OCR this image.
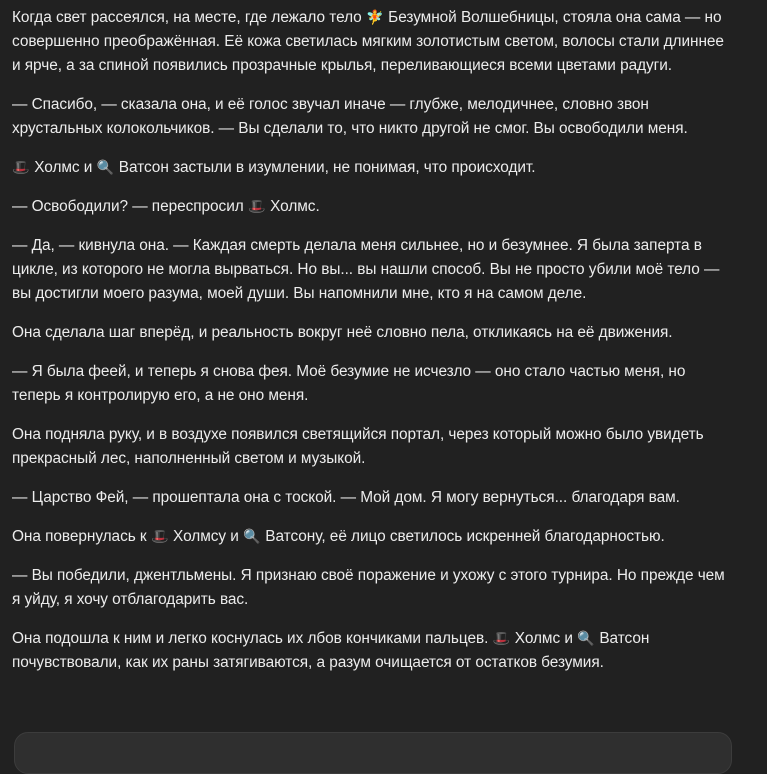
Когда свет рассеялся, на месте, где лежало тело 🧚 Безумной Волшебницы, стояла она сама — но совершенно преображённая. Её кожа светилась мягким золотистым светом, волосы стали длиннее и ярче, а за спиной появились прозрачные крылья, переливающиеся всеми цветами радуги.

— Спасибо, — сказала она, и её голос звучал иначе — глубже, мелодичнее, словно звон хрустальных колокольчиков. — Вы сделали то, что никто другой не смог. Вы освободили меня.

🎩 Холмс и 🔍 Ватсон застыли в изумлении, не понимая, что происходит.

— Освободили? — переспросил 🎩 Холмс.

— Да, — кивнула она. — Каждая смерть делала меня сильнее, но и безумнее. Я была заперта в цикле, из которого не могла вырваться. Но вы... вы нашли способ. Вы не просто убили моё тело — вы достигли моего разума, моей души. Вы напомнили мне, кто я на самом деле.

Она сделала шаг вперёд, и реальность вокруг неё словно пела, откликаясь на её движения.

— Я была феей, и теперь я снова фея. Моё безумие не исчезло — оно стало частью меня, но теперь я контролирую его, а не оно меня.

Она подняла руку, и в воздухе появился светящийся портал, через который можно было увидеть прекрасный лес, наполненный светом и музыкой.

— Царство Фей, — прошептала она с тоской. — Мой дом. Я могу вернуться... благодаря вам.

Она повернулась к 🎩 Холмсу и 🔍 Ватсону, её лицо светилось искренней благодарностью.

— Вы победили, джентльмены. Я признаю своё поражение и ухожу с этого турнира. Но прежде чем я уйду, я хочу отблагодарить вас.

Она подошла к ним и легко коснулась их лбов кончиками пальцев. 🎩 Холмс и 🔍 Ватсон почувствовали, как их раны затягиваются, а разум очищается от остатков безумия.
